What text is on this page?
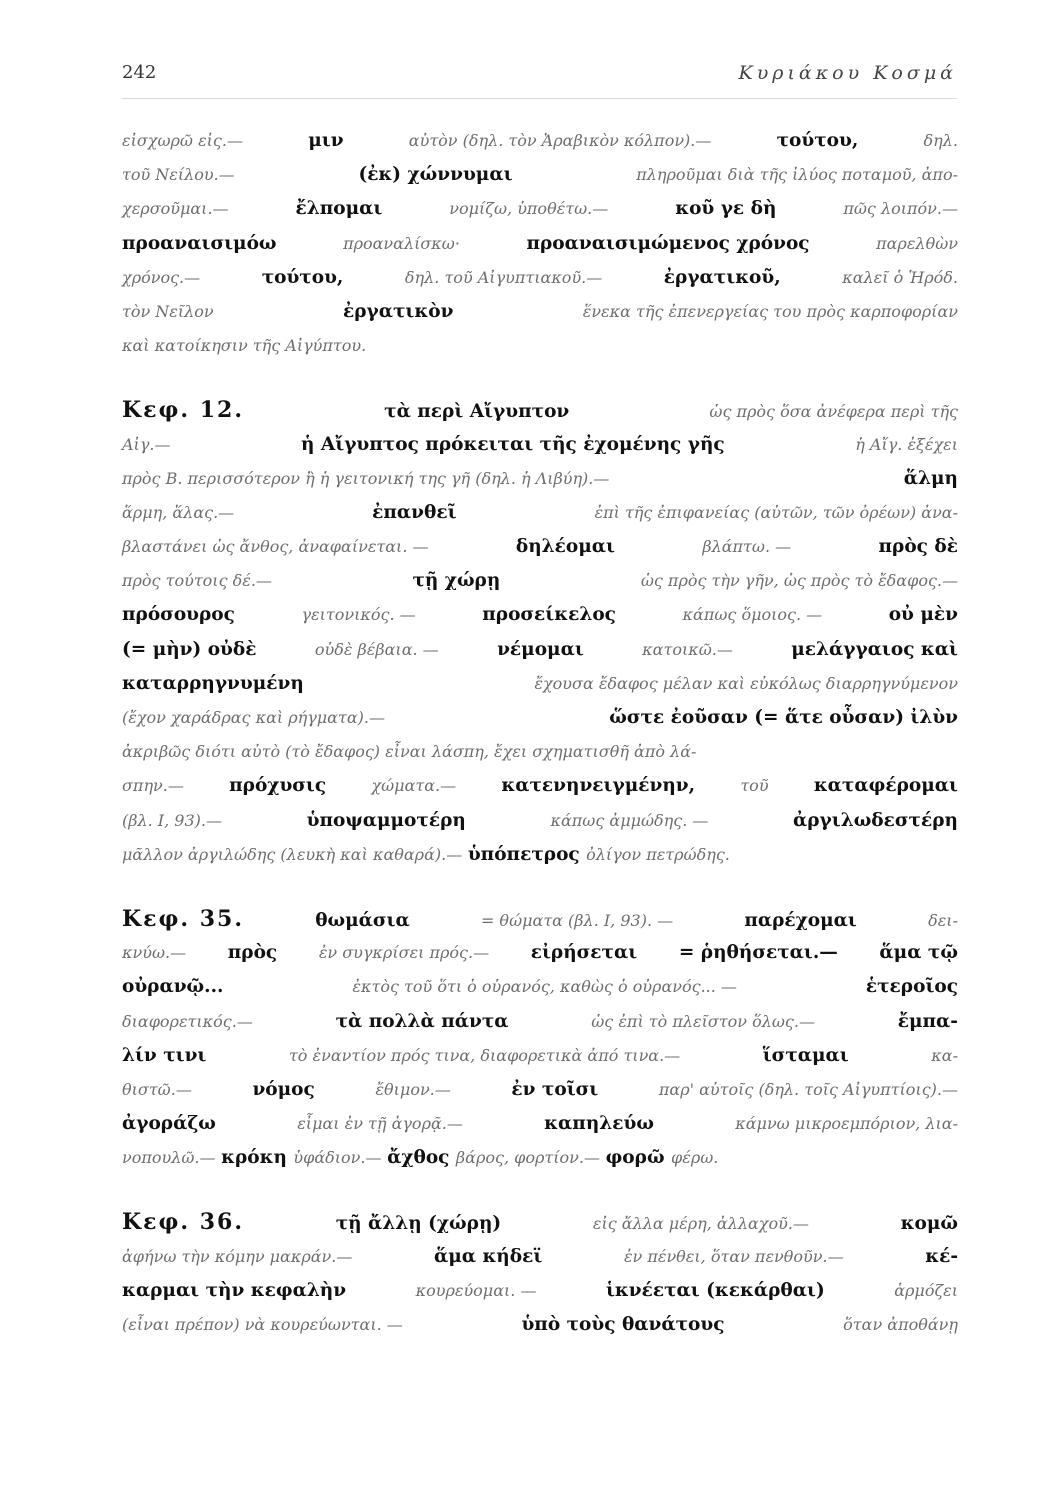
242	Κυριάκου Κοσμά
εἰσχωρῶ εἰς.—	μιν	αὐτὸν (δηλ. τὸν Ἀραβικὸν κόλπον).—	τούτου,	δηλ.
τοῦ Νείλου.—	(ἐκ) χώννυμαι	πληροῦμαι διὰ τῆς ἰλύος ποταμοῦ, ἀπο-
χερσοῦμαι.—	ἔλπομαι	νομίζω, ὑποθέτω.—	κοῦ γε δὴ	πῶς λοιπόν.—
προαναισιμόω	προαναλίσκω·	προαναισιμώμενος χρόνος	παρελθὼν
χρόνος.—	τούτου,	δηλ. τοῦ Αἰγυπτιακοῦ.—	ἐργατικοῦ,	καλεῖ ὁ Ἡρόδ.
τὸν Νεῖλον	ἐργατικὸν	ἕνεκα τῆς ἐπενεργείας του πρὸς καρποφορίαν
καὶ κατοίκησιν τῆς Αἰγύπτου.
Κεφ. 12.	τὰ περὶ Αἴγυπτον	ὡς πρὸς ὅσα ἀνέφερα περὶ τῆς
Αἰγ.—	ἡ Αἴγυπτος πρόκειται τῆς ἐχομένης γῆς	ἡ Αἴγ. ἐξέχει
πρὸς Β. περισσότερον ἢ ἡ γειτονική της γῆ (δηλ. ἡ Λιβύη).—	ἅλμη
ἅρμη, ἅλας.—	ἐπανθεῖ	ἐπὶ τῆς ἐπιφανείας (αὐτῶν, τῶν ὀρέων) ἀνα-
βλαστάνει ὡς ἄνθος, ἀναφαίνεται. —	δηλέομαι	βλάπτω. —	πρὸς δὲ
πρὸς τούτοις δέ.—	τῇ χώρῃ	ὡς πρὸς τὴν γῆν, ὡς πρὸς τὸ ἔδαφος.—
πρόσουρος	γειτονικός. —	προσείκελος	κάπως ὅμοιος. —	οὐ μὲν
(= μὴν) οὐδὲ	οὐδὲ βέβαια. —	νέμομαι	κατοικῶ.—	μελάγγαιος καὶ
καταρρηγνυμένη	ἔχουσα ἔδαφος μέλαν καὶ εὐκόλως διαρρηγνύμενον
(ἔχον χαράδρας καὶ ρήγματα).—	ὥστε ἐοῦσαν (= ἅτε οὖσαν) ἰλὺν
ἀκριβῶς διότι αὐτὸ (τὸ ἔδαφος) εἶναι λάσπη, ἔχει σχηματισθῆ ἀπὸ λά-
σπην.— πρόχυσις	χώματα.— κατενηνειγμένην,	τοῦ καταφέρομαι
(βλ. Ι, 93).—	ὑποψαμμοτέρη	κάπως ἀμμώδης. —	ἀργιλωδεστέρη
μᾶλλον ἀργιλώδης (λευκὴ καὶ καθαρά).— ὑπόπετρος ὀλίγον πετρώδης.
Κεφ. 35.	θωμάσια	= θώματα (βλ. Ι, 93). —	παρέχομαι	δει-
κνύω.— πρὸς	ἐν συγκρίσει πρός.— εἰρήσεται = ῥηθήσεται.— ἅμα τῷ
οὐρανῷ...	ἐκτὸς τοῦ ὅτι ὁ οὐρανός, καθὼς ὁ οὐρανός... —	ἑτεροῖος
διαφορετικός.—	τὰ πολλὰ πάντα	ὡς ἐπὶ τὸ πλεῖστον ὅλως.—	ἔμπα-
λίν τινι	τὸ ἐναντίον πρός τινα, διαφορετικὰ ἀπό τινα.—	ἵσταμαι	κα-
θιστῶ.—	νόμος	ἔθιμον.—	ἐν τοῖσι	παρ' αὐτοῖς (δηλ. τοῖς Αἰγυπτίοις).—
ἀγοράζω	εἶμαι ἐν τῇ ἀγορᾷ.—	καπηλεύω	κάμνω μικροεμπόριον, λια-
νοπουλῶ.— κρόκη ὑφάδιον.— ἄχθος βάρος, φορτίον.— φορῶ φέρω.
Κεφ. 36.	τῇ ἄλλῃ (χώρῃ)	εἰς ἄλλα μέρη, ἀλλαχοῦ.—	κομῶ
ἀφήνω τὴν κόμην μακράν.—	ἅμα κήδεϊ	ἐν πένθει, ὅταν πενθοῦν.—	κέ-
καρμαι τὴν κεφαλὴν	κουρεύομαι. —	ἱκνέεται (κεκάρθαι)	ἁρμόζει
(εἶναι πρέπον) νὰ κουρεύωνται. —	ὑπὸ τοὺς θανάτους	ὅταν ἀποθάνῃ
